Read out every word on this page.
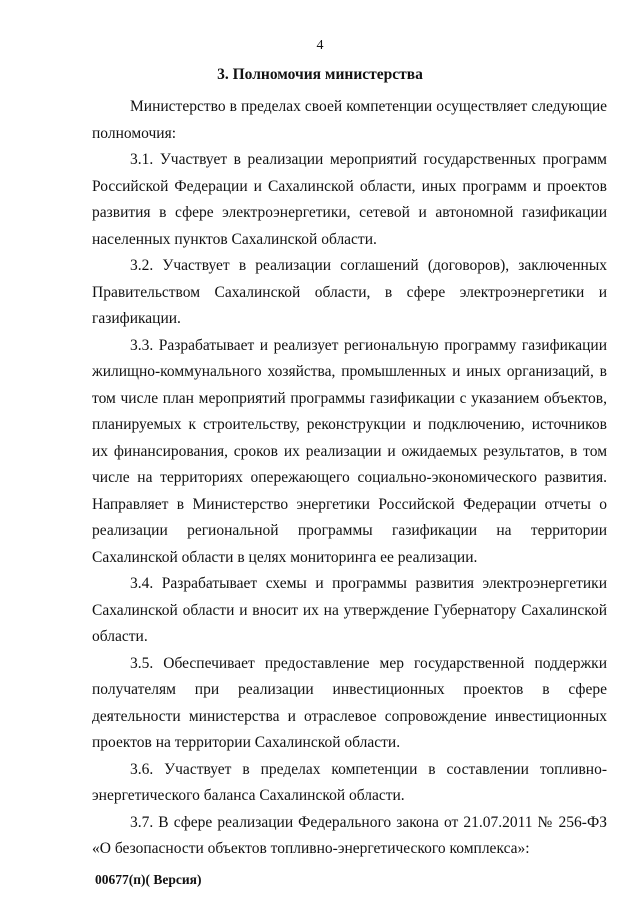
4
3. Полномочия министерства

Министерство в пределах своей компетенции осуществляет следующие полномочия:

3.1. Участвует в реализации мероприятий государственных программ Российской Федерации и Сахалинской области, иных программ и проектов развития в сфере электроэнергетики, сетевой и автономной газификации населенных пунктов Сахалинской области.

3.2. Участвует в реализации соглашений (договоров), заключенных Правительством Сахалинской области, в сфере электроэнергетики и газификации.

3.3. Разрабатывает и реализует региональную программу газификации жилищно-коммунального хозяйства, промышленных и иных организаций, в том числе план мероприятий программы газификации с указанием объектов, планируемых к строительству, реконструкции и подключению, источников их финансирования, сроков их реализации и ожидаемых результатов, в том числе на территориях опережающего социально-экономического развития. Направляет в Министерство энергетики Российской Федерации отчеты о реализации региональной программы газификации на территории Сахалинской области в целях мониторинга ее реализации.

3.4. Разрабатывает схемы и программы развития электроэнергетики Сахалинской области и вносит их на утверждение Губернатору Сахалинской области.

3.5. Обеспечивает предоставление мер государственной поддержки получателям при реализации инвестиционных проектов в сфере деятельности министерства и отраслевое сопровождение инвестиционных проектов на территории Сахалинской области.

3.6. Участвует в пределах компетенции в составлении топливно-энергетического баланса Сахалинской области.

3.7. В сфере реализации Федерального закона от 21.07.2011 № 256-ФЗ «О безопасности объектов топливно-энергетического комплекса»:

00677(п)( Версия)
